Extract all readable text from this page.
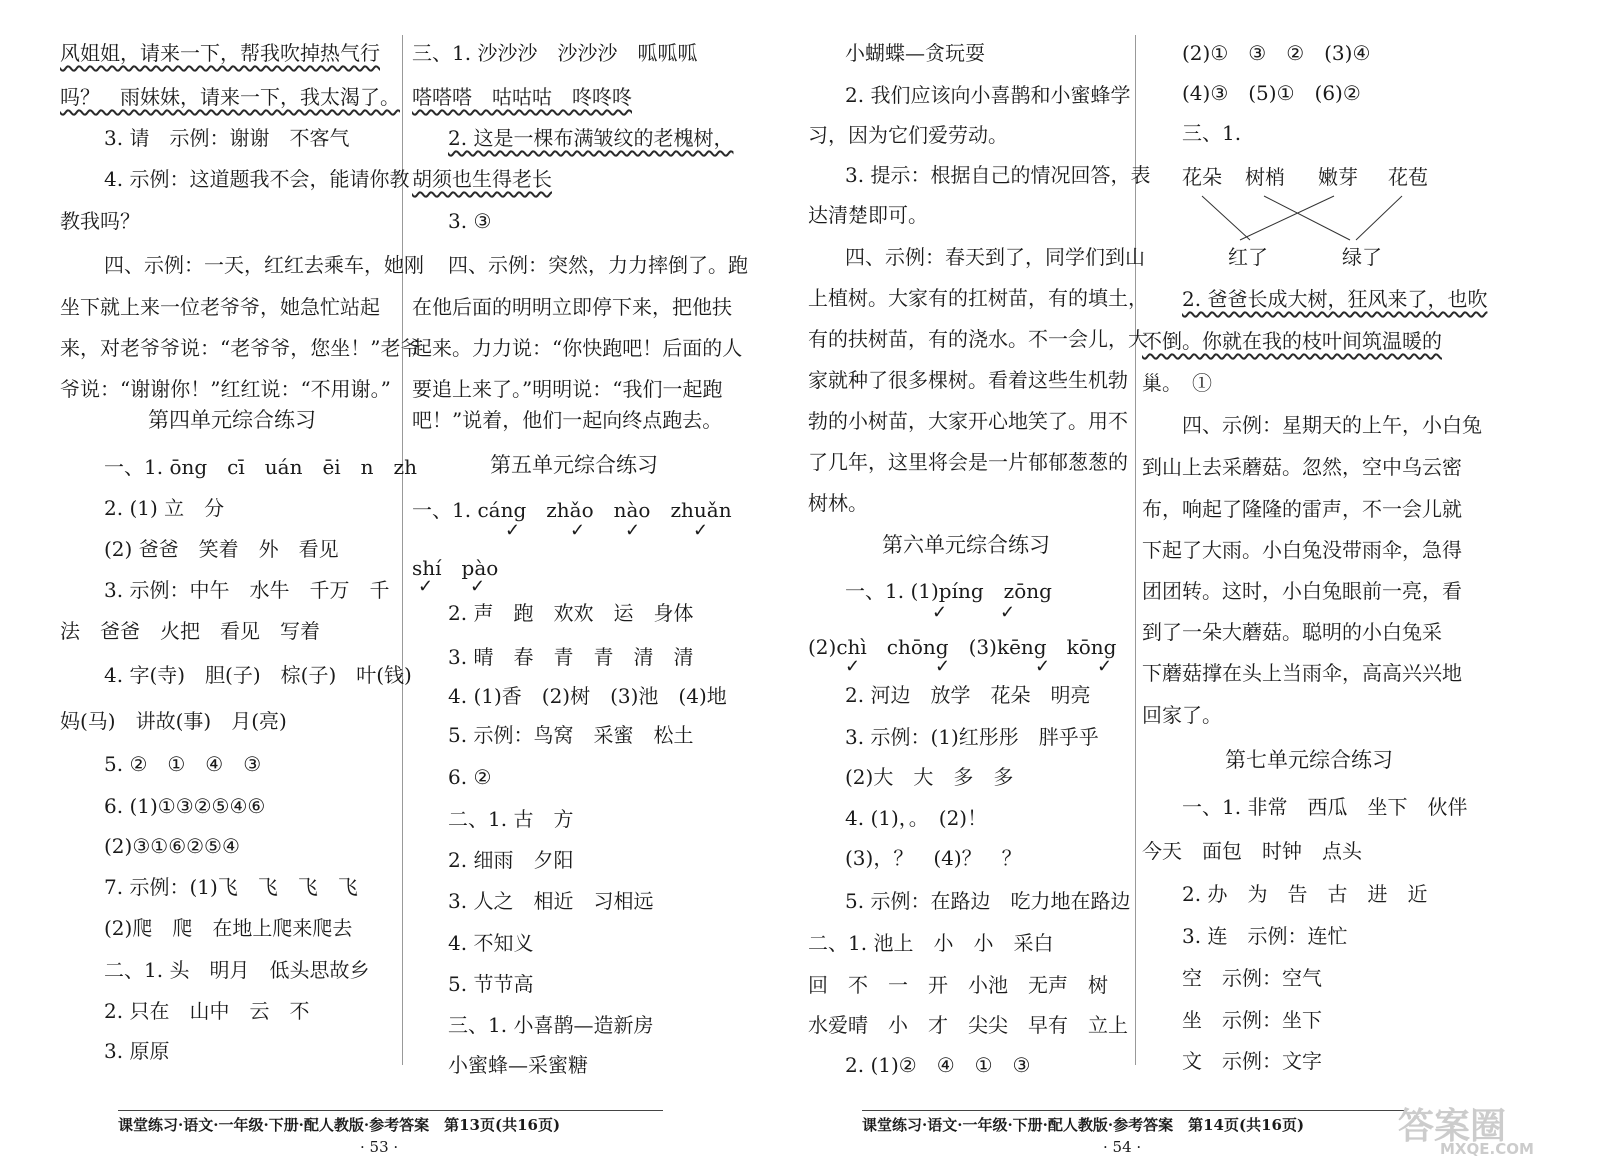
风姐姐，请来一下，帮我吹掉热气行
吗？　雨妹妹，请来一下，我太渴了。
3. 请　示例：谢谢　不客气
4. 示例：这道题我不会，能请你教
教我吗？
四、示例：一天，红红去乘车，她刚
坐下就上来一位老爷爷，她急忙站起
来，对老爷爷说：“老爷爷，您坐！”老爷
爷说：“谢谢你！”红红说：“不用谢。”
第四单元综合练习
一、1. ōng　cī　uán　ēi　n　zh
2. (1) 立　分
(2) 爸爸　笑着　外　看见
3. 示例：中午　水牛　千万　千
法　爸爸　火把　看见　写着
4. 字(寺)　胆(子)　棕(子)　叶(钱)
妈(马)　讲故(事)　月(亮)
5. ②　①　④　③
6. (1)①③②⑤④⑥
(2)③①⑥②⑤④
7. 示例：(1)飞　飞　飞　飞
(2)爬　爬　在地上爬来爬去
二、1. 头　明月　低头思故乡
2. 只在　山中　云　不
3. 原原
三、1. 沙沙沙　沙沙沙　呱呱呱
嗒嗒嗒　咕咕咕　咚咚咚
2. 这是一棵布满皱纹的老槐树，
胡须也生得老长
3. ③
四、示例：突然，力力摔倒了。跑
在他后面的明明立即停下来，把他扶
起来。力力说：“你快跑吧！后面的人
要追上来了。”明明说：“我们一起跑
吧！”说着，他们一起向终点跑去。
第五单元综合练习
一、1. cáng　zhǎo　nào　zhuǎn
✓	✓ ✓	✓
shí　pào
✓ ✓
2. 声　跑　欢欢　运　身体
3. 晴　春　青　青　清　清
4. (1)香　(2)树　(3)池　(4)地
5. 示例：鸟窝　采蜜　松土
6. ②
二、1. 古　方
2. 细雨　夕阳
3. 人之　相近　习相远
4. 不知义
5. 节节高
三、1. 小喜鹊—造新房
小蜜蜂—采蜜糖
小蝴蝶—贪玩耍
2. 我们应该向小喜鹊和小蜜蜂学
习，因为它们爱劳动。
3. 提示：根据自己的情况回答，表
达清楚即可。
四、示例：春天到了，同学们到山
上植树。大家有的扛树苗，有的填土，
有的扶树苗，有的浇水。不一会儿，大
家就种了很多棵树。看着这些生机勃
勃的小树苗，大家开心地笑了。用不
了几年，这里将会是一片郁郁葱葱的
树林。
第六单元综合练习
一、1. (1)píng　zōng
✓	✓
(2)chì　chōng　(3)kēng　kōng
✓	✓	✓	✓
2. 河边　放学　花朵　明亮
3. 示例：(1)红彤彤　胖乎乎
(2)大　大　多　多
4. (1)，。　(2)！
(3)，？　(4)？　？
5. 示例：在路边　吃力地在路边
二、1. 池上　小　小　采白
回　不　一　开　小池　无声　树
水爱晴　小　才　尖尖　早有　立上
2. (1)②　④　①　③
(2)①　③　②　(3)④
(4)③　(5)①　(6)②
三、1.
花朵 树梢 嫩芽 花苞
红了	绿了
2. 爸爸长成大树，狂风来了，也吹
不倒。你就在我的枝叶间筑温暖的
巢。　①
四、示例：星期天的上午，小白兔
到山上去采蘑菇。忽然，空中乌云密
布，响起了隆隆的雷声，不一会儿就
下起了大雨。小白兔没带雨伞，急得
团团转。这时，小白兔眼前一亮，看
到了一朵大蘑菇。聪明的小白兔采
下蘑菇撑在头上当雨伞，高高兴兴地
回家了。
第七单元综合练习
一、1. 非常　西瓜　坐下　伙伴
今天　面包　时钟　点头
2. 办　为　告　古　进　近
3. 连　示例：连忙
空　示例：空气
坐　示例：坐下
文　示例：文字
课堂练习·语文·一年级·下册·配人教版·参考答案　第13页(共16页)
· 53 ·
课堂练习·语文·一年级·下册·配人教版·参考答案　第14页(共16页)
· 54 ·	答案圈
MXQE.COM
